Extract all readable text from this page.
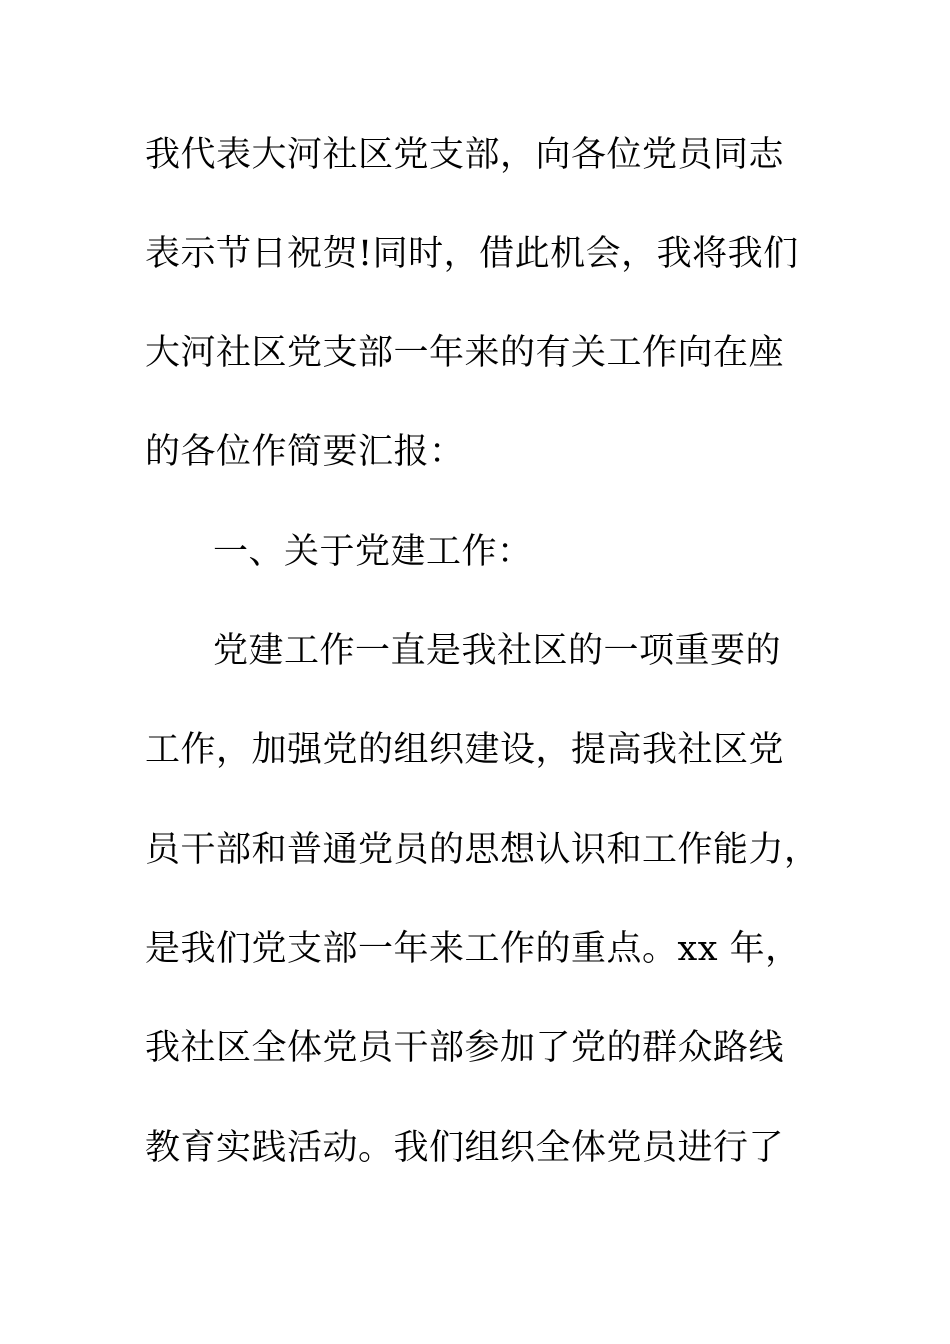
我代表大河社区党支部，向各位党员同志
表示节日祝贺!同时，借此机会，我将我们
大河社区党支部一年来的有关工作向在座
的各位作简要汇报：
一、关于党建工作：
党建工作一直是我社区的一项重要的
工作，加强党的组织建设，提高我社区党
员干部和普通党员的思想认识和工作能力，
是我们党支部一年来工作的重点。xx 年，
我社区全体党员干部参加了党的群众路线
教育实践活动。我们组织全体党员进行了
